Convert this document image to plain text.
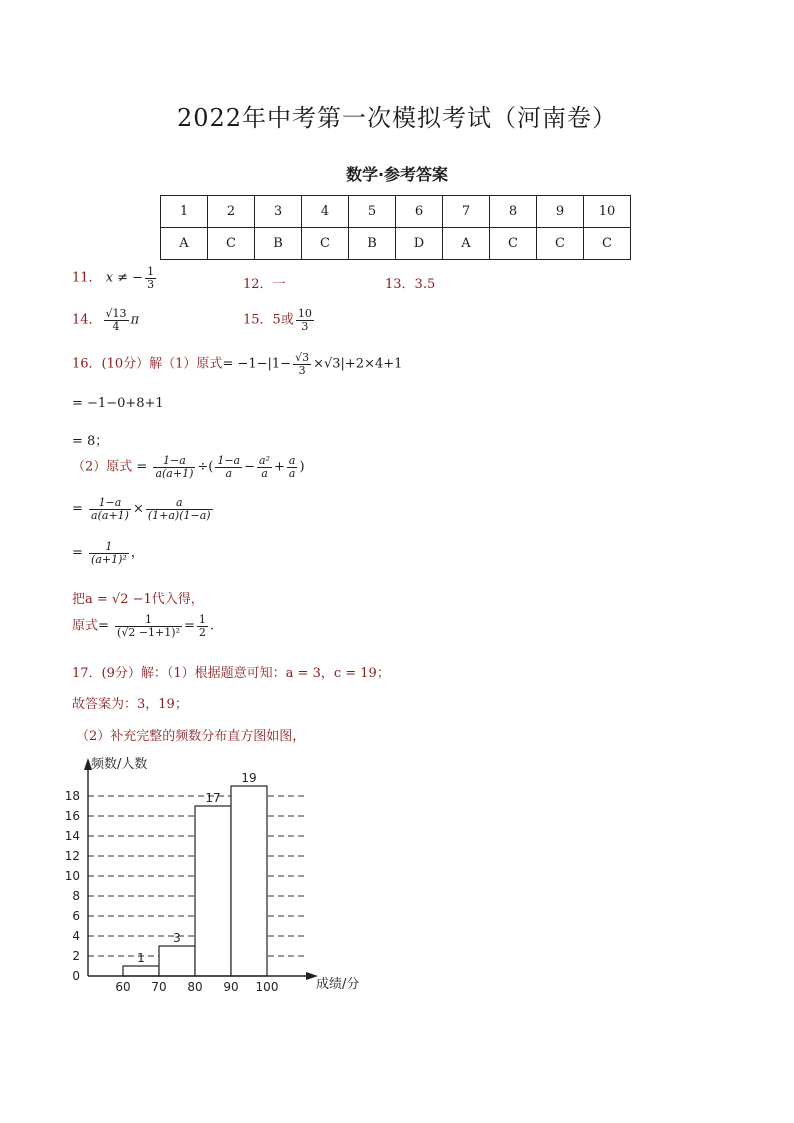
2022年中考第一次模拟考试（河南卷）
数学·参考答案
1	2	3	4	5	6	7	8	9	10
A	C	B	C	B	D	A	C	C	C
11． x ≠ − $\frac{1}{3}$	12．一	13．3.5
14． $\frac{√13}{4}$ π	15．5或 $\frac{10}{3}$
16．(10分）解（1）原式= $-1-|1- \frac{√3}{3} \times√3|+2\times 4+1$
= −1−0+8+1
= 8；
（2）原式 = $\frac{1-a}{a(a+1)}$ ÷( $\frac{1-a}{a} - \frac{\text{a²}}{a} + \frac{a}{a}$ )
= $\frac{1-a}{a(a+1)} \times \frac{a}{(1+a)(1-a)}$
= $\frac{1}{\text{(a+1)²}}$ ，
把a = √2 −1代入得，
原式= $\frac{1}{\text{(√2 −1+1)²}} = \frac{1}{2}$ .
17．(9分）解：（1）根据题意可知：a = 3，c = 19；
故答案为：3，19；
（2）补充完整的频数分布直方图如图，
0
2
4
6
8
10
12
14
16
18
1
3
17
19
60 70 80 90 100
频数/人数
成绩/分
